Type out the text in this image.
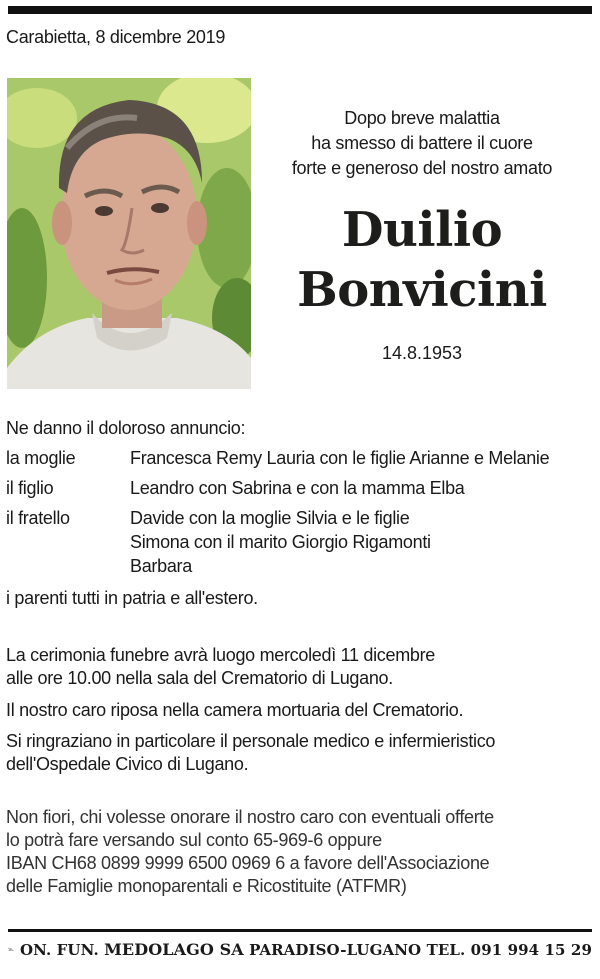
Carabietta, 8 dicembre 2019
Dopo breve malattia
ha smesso di battere il cuore
forte e generoso del nostro amato
Duilio
Bonvicini
14.8.1953
Ne danno il doloroso annuncio:
la moglie	Francesca Remy Lauria con le figlie Arianne e Melanie
il figlio	Leandro con Sabrina e con la mamma Elba
il fratello	Davide con la moglie Silvia e le figlie
Simona con il marito Giorgio Rigamonti
Barbara
i parenti tutti in patria e all'estero.
La cerimonia funebre avrà luogo mercoledì 11 dicembre
alle ore 10.00 nella sala del Crematorio di Lugano.
Il nostro caro riposa nella camera mortuaria del Crematorio.
Si ringraziano in particolare il personale medico e infermieristico
dell'Ospedale Civico di Lugano.
Non fiori, chi volesse onorare il nostro caro con eventuali offerte
lo potrà fare versando sul conto 65-969-6 oppure
IBAN CH68 0899 9999 6500 0969 6 a favore dell'Associazione
delle Famiglie monoparentali e Ricostituite (ATFMR)
ON. FUN. MEDOLAGO SA PARADISO-LUGANO TEL. 091 994 15 29
